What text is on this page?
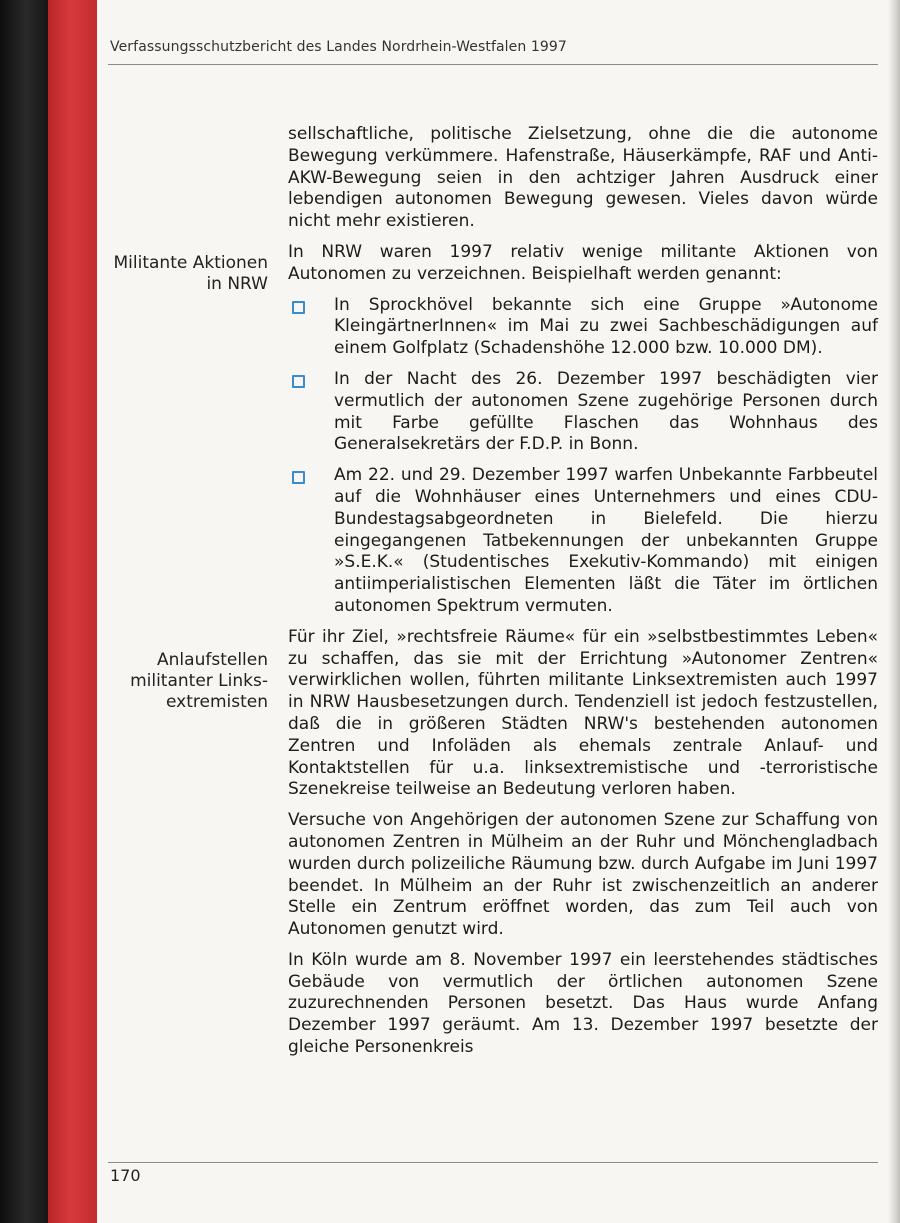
Verfassungsschutzbericht des Landes Nordrhein-Westfalen 1997
Militante Aktionen in NRW
Anlaufstellen militanter Links-extremisten

sellschaftliche, politische Zielsetzung, ohne die die autonome Bewegung verkümmere. Hafenstraße, Häuserkämpfe, RAF und Anti-AKW-Bewegung seien in den achtziger Jahren Ausdruck einer lebendigen autonomen Bewegung gewesen. Vieles davon würde nicht mehr existieren.

In NRW waren 1997 relativ wenige militante Aktionen von Autonomen zu verzeichnen. Beispielhaft werden genannt:

In Sprockhövel bekannte sich eine Gruppe »Autonome KleingärtnerInnen« im Mai zu zwei Sachbeschädigungen auf einem Golfplatz (Schadenshöhe 12.000 bzw. 10.000 DM).
In der Nacht des 26. Dezember 1997 beschädigten vier vermutlich der autonomen Szene zugehörige Personen durch mit Farbe gefüllte Flaschen das Wohnhaus des Generalsekretärs der F.D.P. in Bonn.
Am 22. und 29. Dezember 1997 warfen Unbekannte Farbbeutel auf die Wohnhäuser eines Unternehmers und eines CDU-Bundestagsabgeordneten in Bielefeld. Die hierzu eingegangenen Tatbekennungen der unbekannten Gruppe »S.E.K.« (Studentisches Exekutiv-Kommando) mit einigen antiimperialistischen Elementen läßt die Täter im örtlichen autonomen Spektrum vermuten.

Für ihr Ziel, »rechtsfreie Räume« für ein »selbstbestimmtes Leben« zu schaffen, das sie mit der Errichtung »Autonomer Zentren« verwirklichen wollen, führten militante Linksextremisten auch 1997 in NRW Hausbesetzungen durch. Tendenziell ist jedoch festzustellen, daß die in größeren Städten NRW's bestehenden autonomen Zentren und Infoläden als ehemals zentrale Anlauf- und Kontaktstellen für u.a. linksextremistische und -terroristische Szenekreise teilweise an Bedeutung verloren haben.

Versuche von Angehörigen der autonomen Szene zur Schaffung von autonomen Zentren in Mülheim an der Ruhr und Mönchengladbach wurden durch polizeiliche Räumung bzw. durch Aufgabe im Juni 1997 beendet. In Mülheim an der Ruhr ist zwischenzeitlich an anderer Stelle ein Zentrum eröffnet worden, das zum Teil auch von Autonomen genutzt wird.

In Köln wurde am 8. November 1997 ein leerstehendes städtisches Gebäude von vermutlich der örtlichen autonomen Szene zuzurechnenden Personen besetzt. Das Haus wurde Anfang Dezember 1997 geräumt. Am 13. Dezember 1997 besetzte der gleiche Personenkreis

170
